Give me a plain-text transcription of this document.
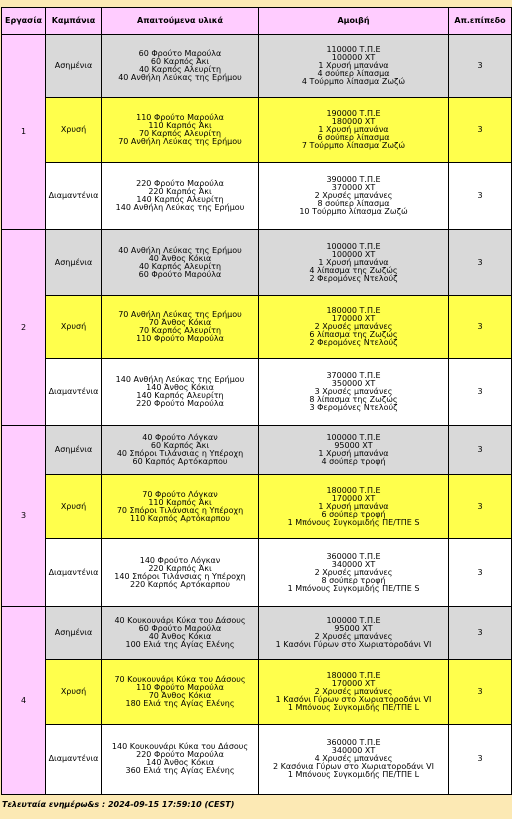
Εργασία	Καμπάνια	Απαιτούμενα υλικά	Αμοιβή	Απ.επίπεδο
1	Ασημένια	60 Φρούτο Μαρούλα
60 Καρπός Άκι
40 Καρπός Αλευρίτη
40 Ανθήλη Λεύκας της Ερήμου	110000 Τ.Π.Ε
100000 ΧΤ
1 Χρυσή μπανάνα
4 σούπερ λίπασμα
4 Τούρμπο λίπασμα Ζωζώ	3
	Χρυσή	110 Φρούτο Μαρούλα
110 Καρπός Άκι
70 Καρπός Αλευρίτη
70 Ανθήλη Λεύκας της Ερήμου	190000 Τ.Π.Ε
180000 ΧΤ
1 Χρυσή μπανάνα
6 σούπερ λίπασμα
7 Τούρμπο λίπασμα Ζωζώ	3
	Διαμαντένια	220 Φρούτο Μαρούλα
220 Καρπός Άκι
140 Καρπός Αλευρίτη
140 Ανθήλη Λεύκας της Ερήμου	390000 Τ.Π.Ε
370000 ΧΤ
2 Χρυσές μπανάνες
8 σούπερ λίπασμα
10 Τούρμπο λίπασμα Ζωζώ	3
2	Ασημένια	40 Ανθήλη Λεύκας της Ερήμου
40 Άνθος Κόκια
40 Καρπός Αλευρίτη
60 Φρούτο Μαρούλα	100000 Τ.Π.Ε
100000 ΧΤ
1 Χρυσή μπανάνα
4 λίπασμα της Ζωζώς
2 Φερομόνες Ντελούζ	3
	Χρυσή	70 Ανθήλη Λεύκας της Ερήμου
70 Άνθος Κόκια
70 Καρπός Αλευρίτη
110 Φρούτο Μαρούλα	180000 Τ.Π.Ε
170000 ΧΤ
2 Χρυσές μπανάνες
6 λίπασμα της Ζωζώς
2 Φερομόνες Ντελούζ	3
	Διαμαντένια	140 Ανθήλη Λεύκας της Ερήμου
140 Άνθος Κόκια
140 Καρπός Αλευρίτη
220 Φρούτο Μαρούλα	370000 Τ.Π.Ε
350000 ΧΤ
3 Χρυσές μπανάνες
8 λίπασμα της Ζωζώς
3 Φερομόνες Ντελούζ	3
3	Ασημένια	40 Φρούτο Λόγκαν
60 Καρπός Άκι
40 Σπόροι Τιλάνσιας η Υπέροχη
60 Καρπός Αρτόκαρπου	100000 Τ.Π.Ε
95000 ΧΤ
1 Χρυσή μπανάνα
4 σούπερ τροφή	3
	Χρυσή	70 Φρούτο Λόγκαν
110 Καρπός Άκι
70 Σπόροι Τιλάνσιας η Υπέροχη
110 Καρπός Αρτόκαρπου	180000 Τ.Π.Ε
170000 ΧΤ
1 Χρυσή μπανάνα
6 σούπερ τροφή
1 Μπόνους Συγκομιδής ΠΕ/ΤΠΕ S	3
	Διαμαντένια	140 Φρούτο Λόγκαν
220 Καρπός Άκι
140 Σπόροι Τιλάνσιας η Υπέροχη
220 Καρπός Αρτόκαρπου	360000 Τ.Π.Ε
340000 ΧΤ
2 Χρυσές μπανάνες
8 σούπερ τροφή
1 Μπόνους Συγκομιδής ΠΕ/ΤΠΕ S	3
4	Ασημένια	40 Κουκουνάρι Κύκα του Δάσους
60 Φρούτο Μαρούλα
40 Άνθος Κόκια
100 Ελιά της Αγίας Ελένης	100000 Τ.Π.Ε
95000 ΧΤ
2 Χρυσές μπανάνες
1 Κασόνι Γύρων στο Χωριατοροδάνι VI	3
	Χρυσή	70 Κουκουνάρι Κύκα του Δάσους
110 Φρούτο Μαρούλα
70 Άνθος Κόκια
180 Ελιά της Αγίας Ελένης	180000 Τ.Π.Ε
170000 ΧΤ
2 Χρυσές μπανάνες
1 Κασόνι Γύρων στο Χωριατοροδάνι VI
1 Μπόνους Συγκομιδής ΠΕ/ΤΠΕ L	3
	Διαμαντένια	140 Κουκουνάρι Κύκα του Δάσους
220 Φρούτο Μαρούλα
140 Άνθος Κόκια
360 Ελιά της Αγίας Ελένης	360000 Τ.Π.Ε
340000 ΧΤ
4 Χρυσές μπανάνες
2 Κασόνια Γύρων στο Χωριατοροδάνι VI
1 Μπόνους Συγκομιδής ΠΕ/ΤΠΕ L	3
Τελευταία ενημέρω&s : 2024-09-15 17:59:10 (CEST)
